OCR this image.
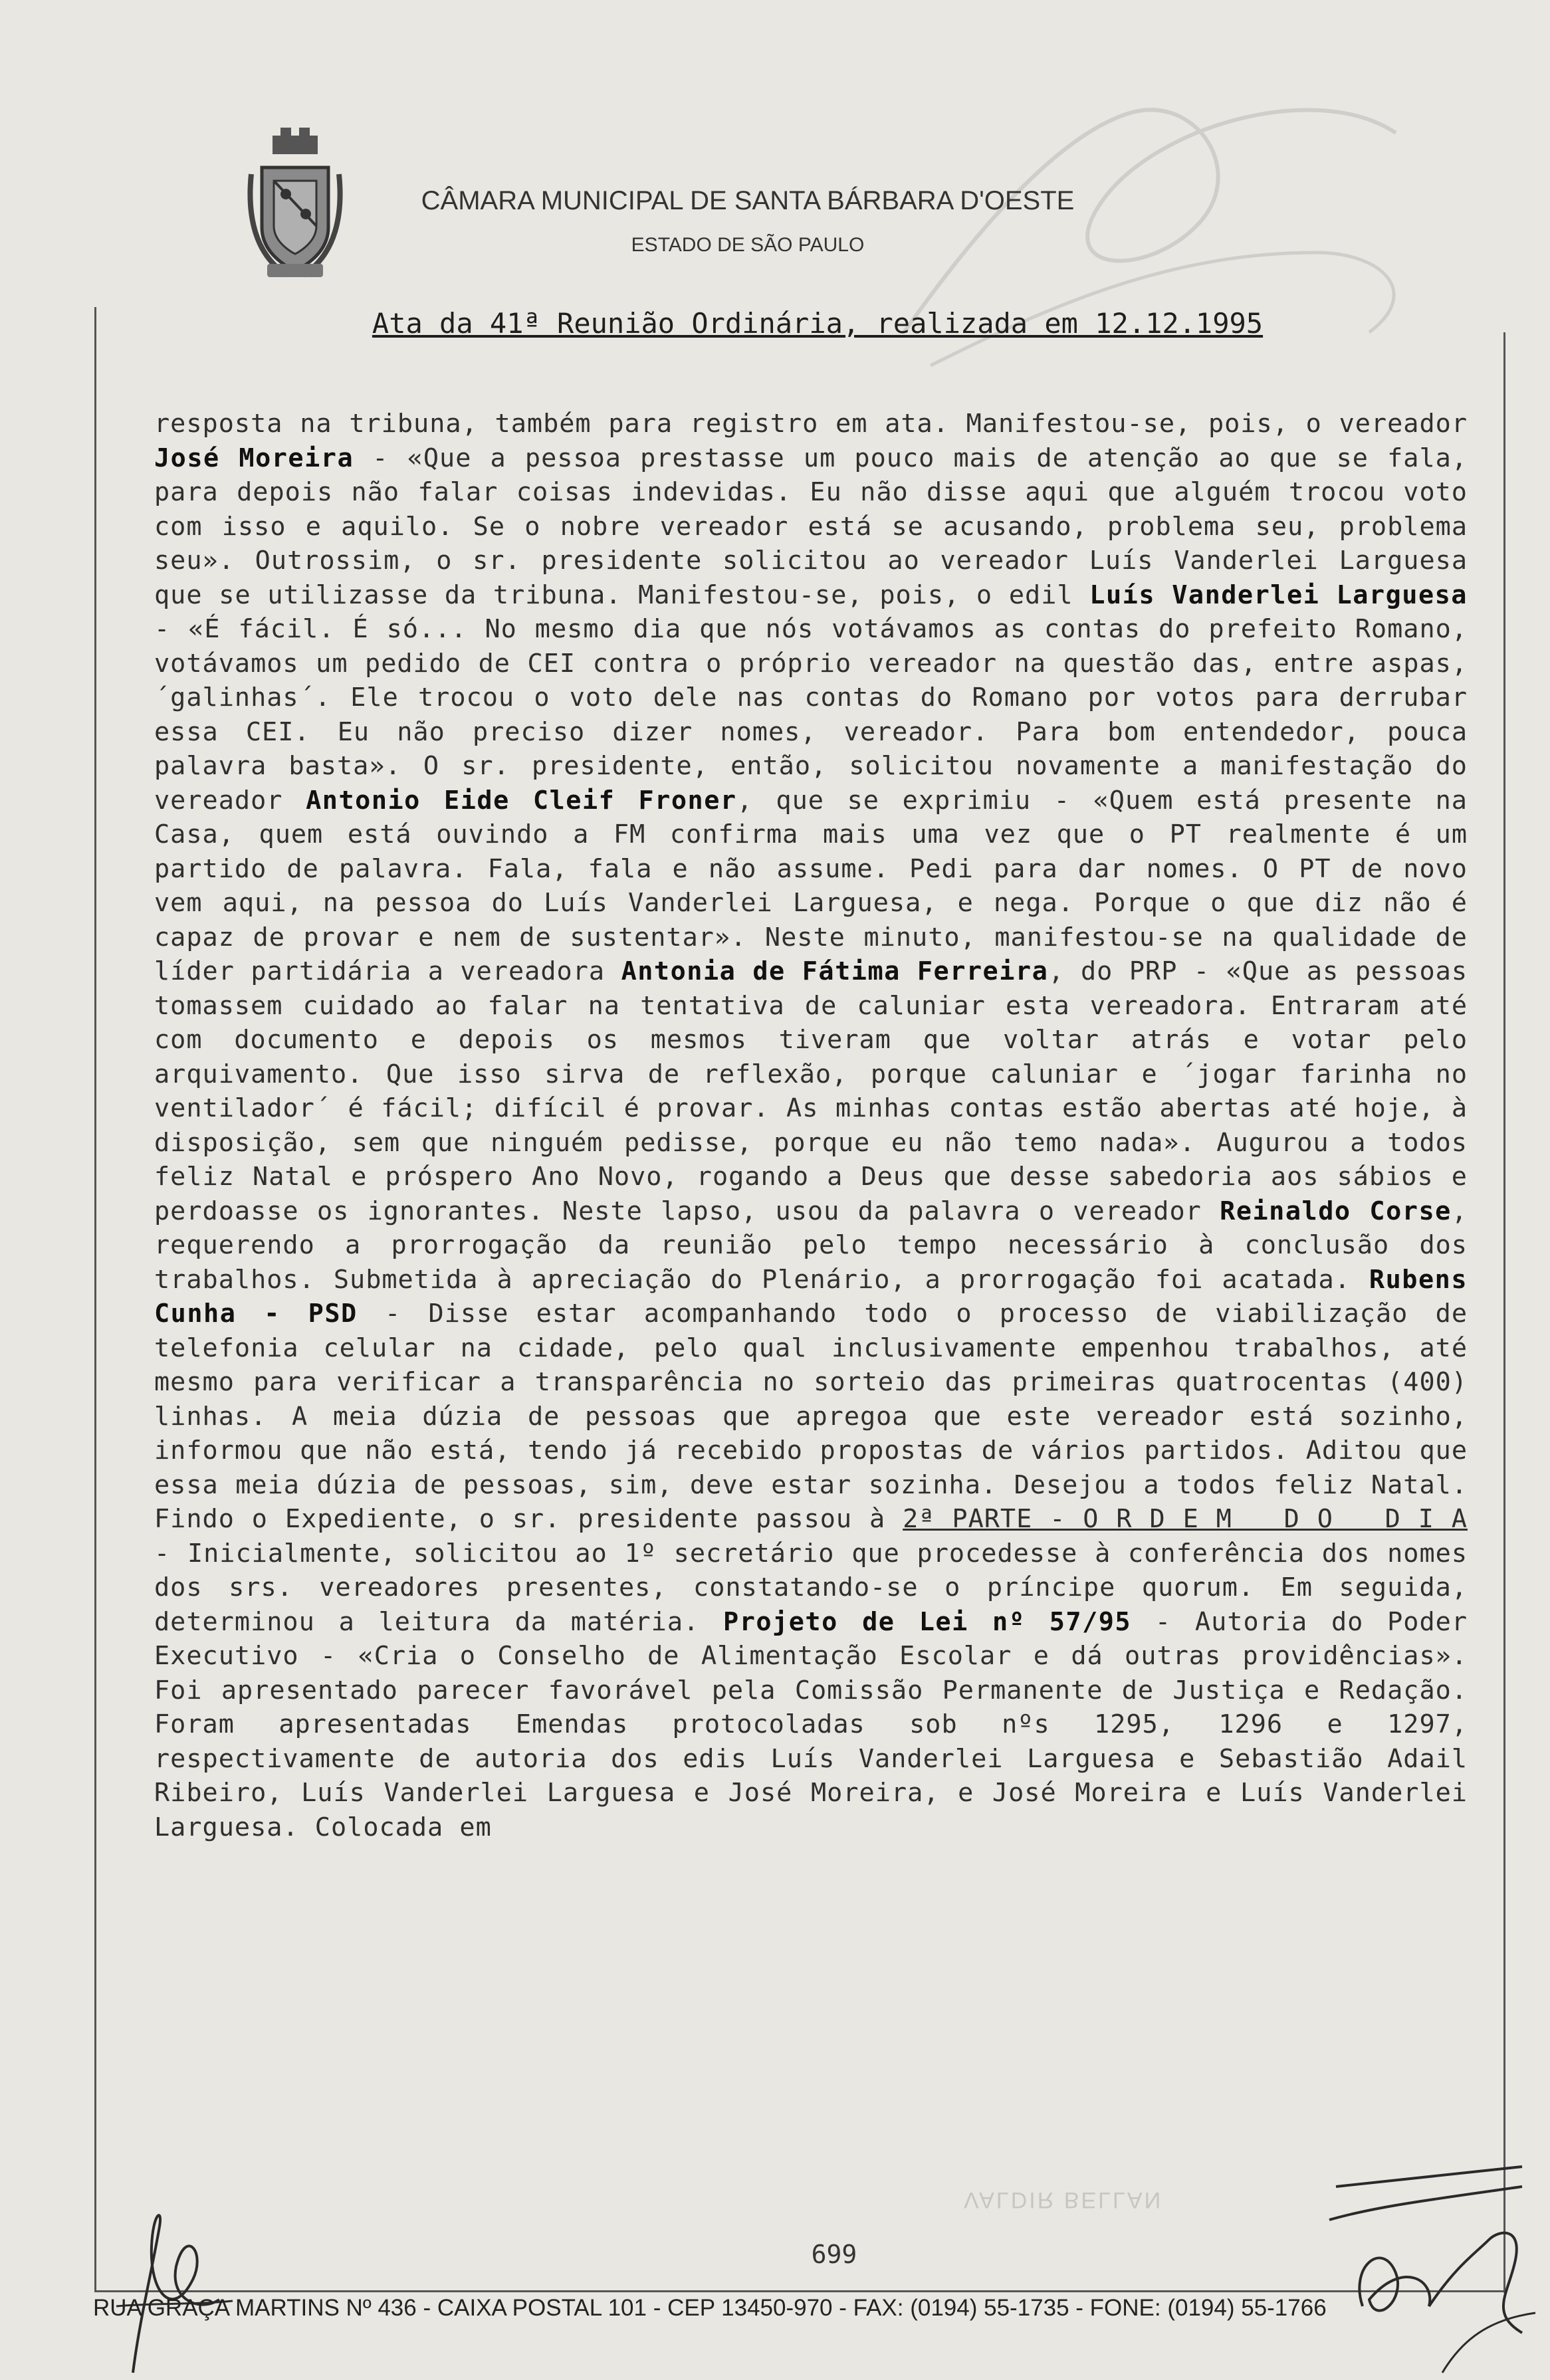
CÂMARA MUNICIPAL DE SANTA BÁRBARA D'OESTE
ESTADO DE SÃO PAULO
Ata da 41ª Reunião Ordinária, realizada em 12.12.1995
resposta na tribuna, também para registro em ata. Manifestou-se, pois, o vereador José Moreira - «Que a pessoa prestasse um pouco mais de atenção ao que se fala, para depois não falar coisas indevidas. Eu não disse aqui que alguém trocou voto com isso e aquilo. Se o nobre vereador está se acusando, problema seu, problema seu». Outrossim, o sr. presidente solicitou ao vereador Luís Vanderlei Larguesa que se utilizasse da tribuna. Manifestou-se, pois, o edil Luís Vanderlei Larguesa - «É fácil. É só... No mesmo dia que nós votávamos as contas do prefeito Romano, votávamos um pedido de CEI contra o próprio vereador na questão das, entre aspas, ´galinhas´. Ele trocou o voto dele nas contas do Romano por votos para derrubar essa CEI. Eu não preciso dizer nomes, vereador. Para bom entendedor, pouca palavra basta». O sr. presidente, então, solicitou novamente a manifestação do vereador Antonio Eide Cleif Froner, que se exprimiu - «Quem está presente na Casa, quem está ouvindo a FM confirma mais uma vez que o PT realmente é um partido de palavra. Fala, fala e não assume. Pedi para dar nomes. O PT de novo vem aqui, na pessoa do Luís Vanderlei Larguesa, e nega. Porque o que diz não é capaz de provar e nem de sustentar». Neste minuto, manifestou-se na qualidade de líder partidária a vereadora Antonia de Fátima Ferreira, do PRP - «Que as pessoas tomassem cuidado ao falar na tentativa de caluniar esta vereadora. Entraram até com documento e depois os mesmos tiveram que voltar atrás e votar pelo arquivamento. Que isso sirva de reflexão, porque caluniar e ´jogar farinha no ventilador´ é fácil; difícil é provar. As minhas contas estão abertas até hoje, à disposição, sem que ninguém pedisse, porque eu não temo nada». Augurou a todos feliz Natal e próspero Ano Novo, rogando a Deus que desse sabedoria aos sábios e perdoasse os ignorantes. Neste lapso, usou da palavra o vereador Reinaldo Corse, requerendo a prorrogação da reunião pelo tempo necessário à conclusão dos trabalhos. Submetida à apreciação do Plenário, a prorrogação foi acatada. Rubens Cunha - PSD - Disse estar acompanhando todo o processo de viabilização de telefonia celular na cidade, pelo qual inclusivamente empenhou trabalhos, até mesmo para verificar a transparência no sorteio das primeiras quatrocentas (400) linhas. A meia dúzia de pessoas que apregoa que este vereador está sozinho, informou que não está, tendo já recebido propostas de vários partidos. Aditou que essa meia dúzia de pessoas, sim, deve estar sozinha. Desejou a todos feliz Natal. Findo o Expediente, o sr. presidente passou à 2ª PARTE - O R D E M   D O   D I A - Inicialmente, solicitou ao 1º secretário que procedesse à conferência dos nomes dos srs. vereadores presentes, constatando-se o príncipe quorum. Em seguida, determinou a leitura da matéria. Projeto de Lei nº 57/95 - Autoria do Poder Executivo - «Cria o Conselho de Alimentação Escolar e dá outras providências». Foi apresentado parecer favorável pela Comissão Permanente de Justiça e Redação. Foram apresentadas Emendas protocoladas sob nºs 1295, 1296 e 1297, respectivamente de autoria dos edis Luís Vanderlei Larguesa e Sebastião Adail Ribeiro, Luís Vanderlei Larguesa e José Moreira, e José Moreira e Luís Vanderlei Larguesa. Colocada em
VALDIR BELLAN
699
RUA GRAÇA MARTINS Nº 436 - CAIXA POSTAL 101 - CEP 13450-970 - FAX: (0194) 55-1735 - FONE: (0194) 55-1766
